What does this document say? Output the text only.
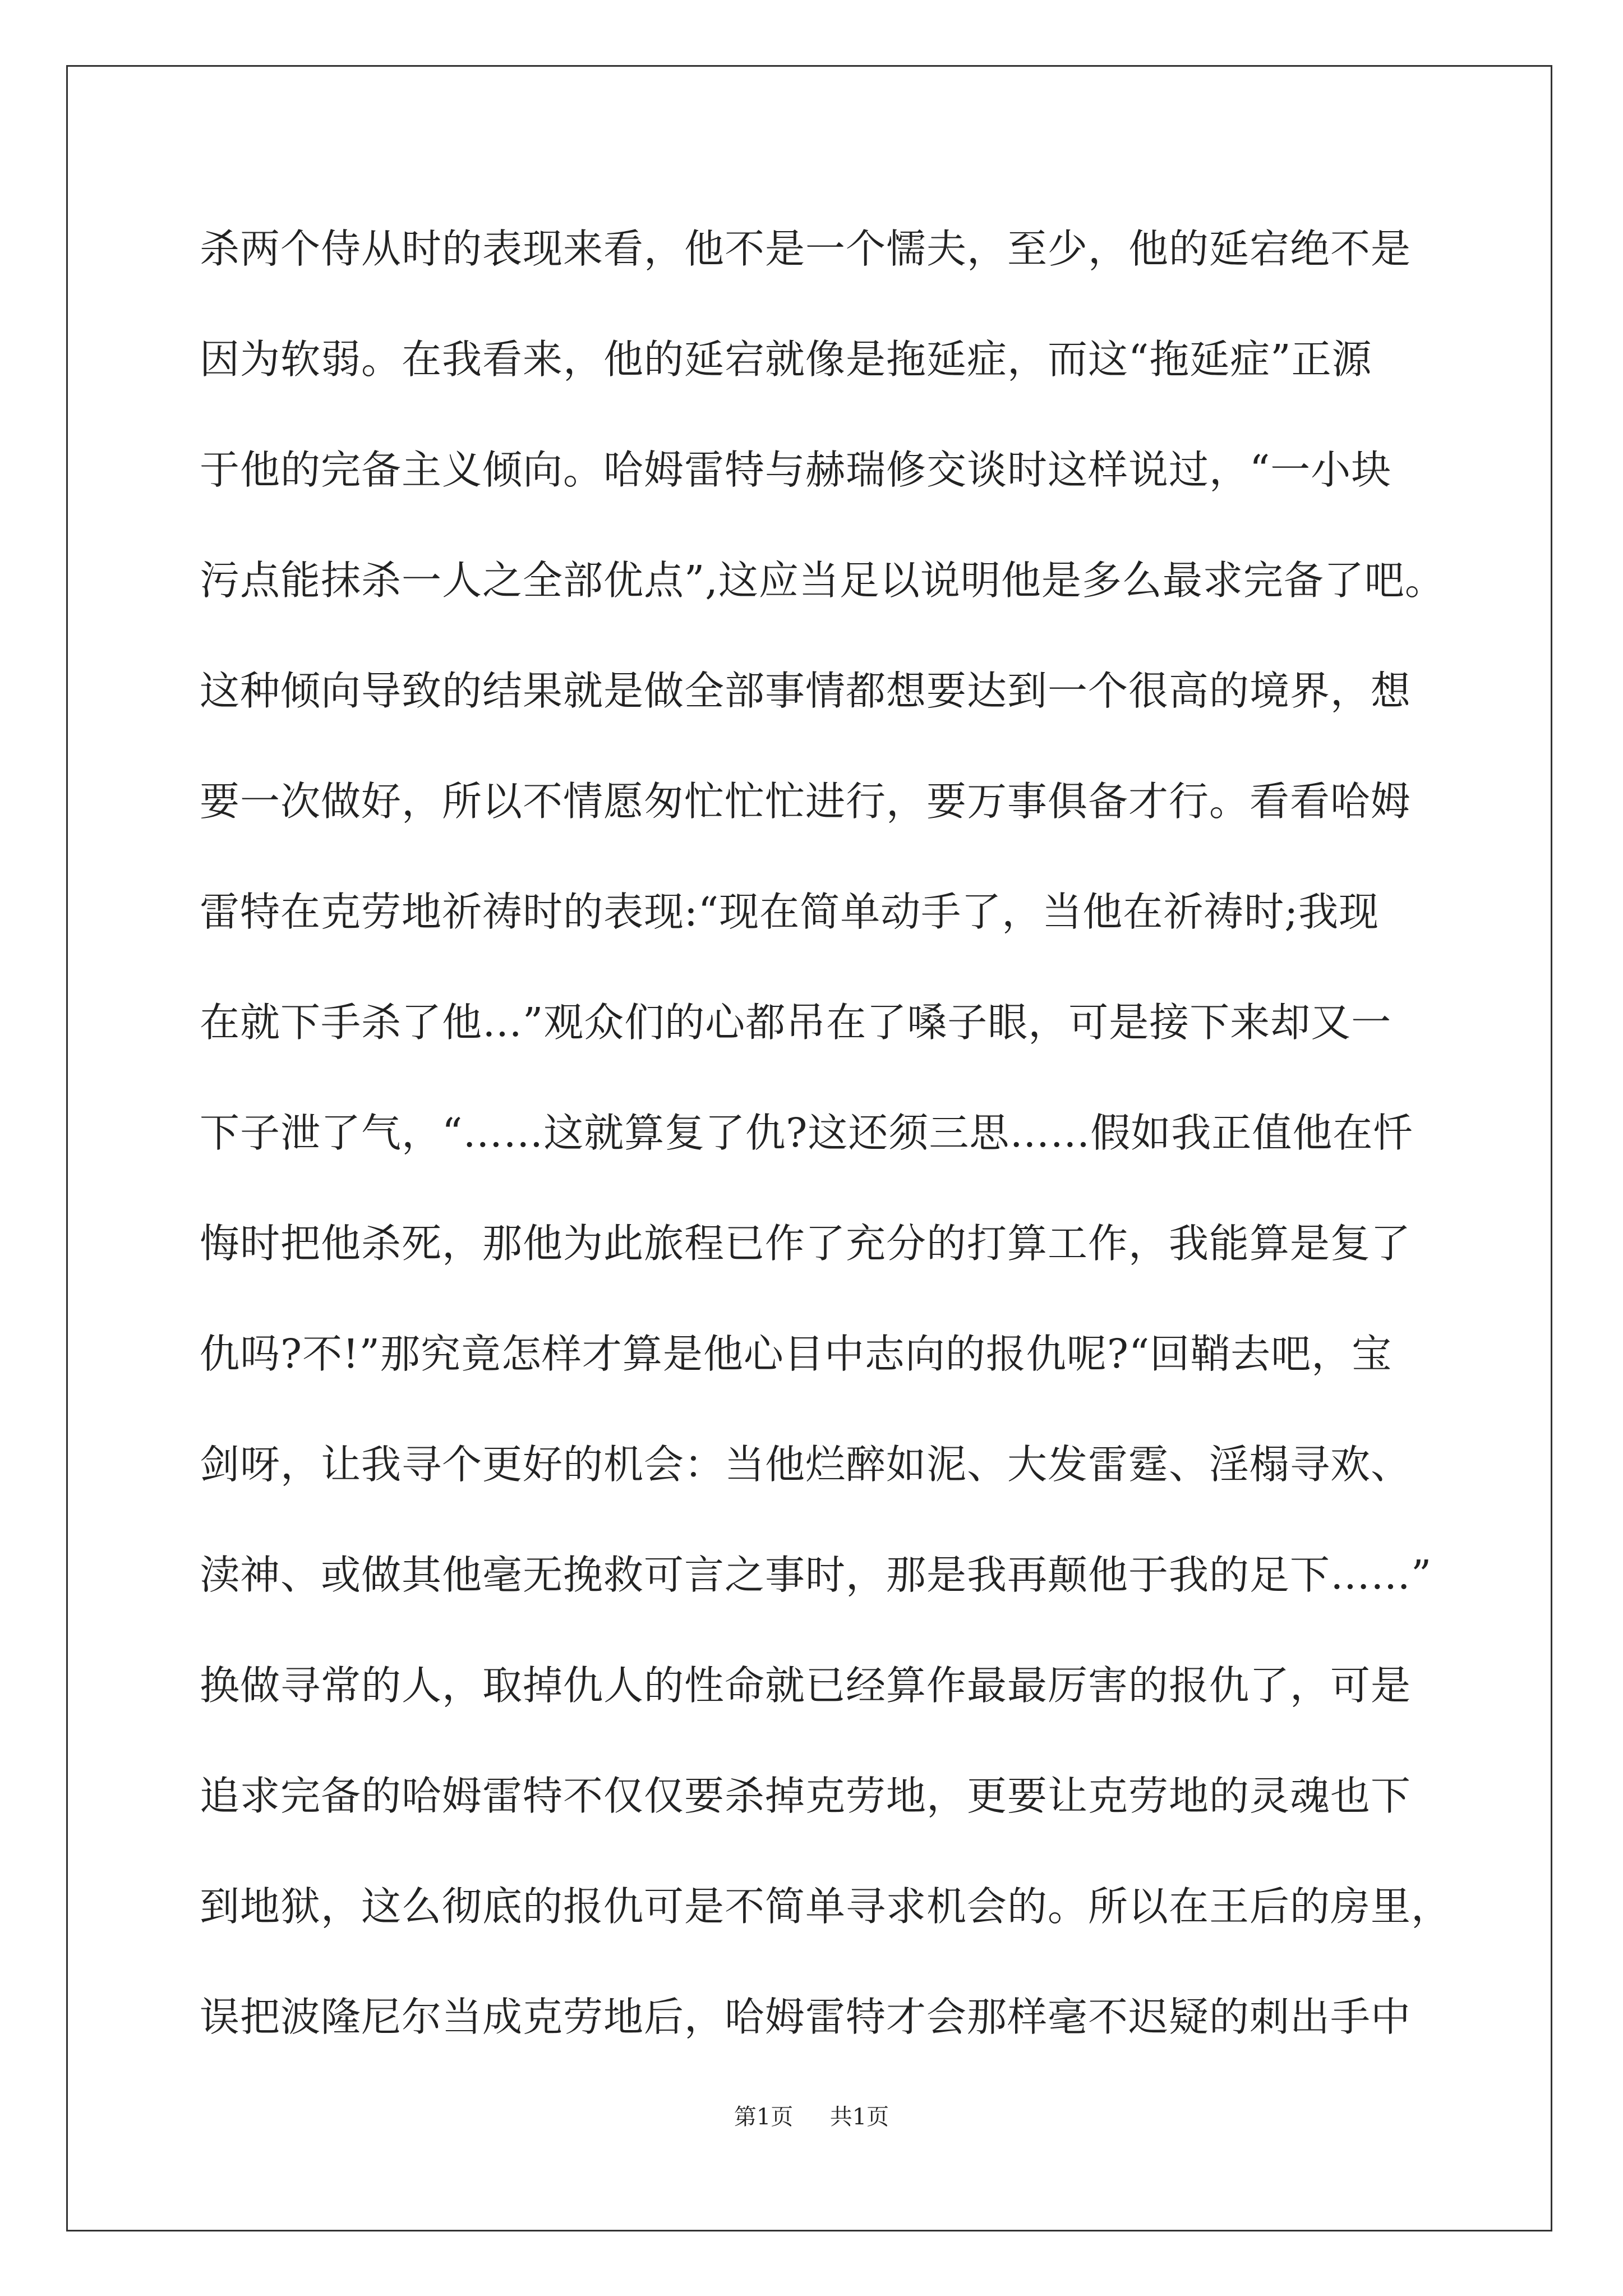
杀两个侍从时的表现来看，他不是一个懦夫，至少，他的延宕绝不是
因为软弱。在我看来，他的延宕就像是拖延症，而这“拖延症”正源
于他的完备主义倾向。哈姆雷特与赫瑞修交谈时这样说过，“一小块
污点能抹杀一人之全部优点”,这应当足以说明他是多么最求完备了吧。
这种倾向导致的结果就是做全部事情都想要达到一个很高的境界，想
要一次做好，所以不情愿匆忙忙忙进行，要万事俱备才行。看看哈姆
雷特在克劳地祈祷时的表现:“现在简单动手了，当他在祈祷时;我现
在就下手杀了他…”观众们的心都吊在了嗓子眼，可是接下来却又一
下子泄了气，“……这就算复了仇?这还须三思……假如我正值他在忏
悔时把他杀死，那他为此旅程已作了充分的打算工作，我能算是复了
仇吗?不!”那究竟怎样才算是他心目中志向的报仇呢?“回鞘去吧，宝
剑呀，让我寻个更好的机会：当他烂醉如泥、大发雷霆、淫榻寻欢、
渎神、或做其他毫无挽救可言之事时，那是我再颠他于我的足下……”
换做寻常的人，取掉仇人的性命就已经算作最最厉害的报仇了，可是
追求完备的哈姆雷特不仅仅要杀掉克劳地，更要让克劳地的灵魂也下
到地狱，这么彻底的报仇可是不简单寻求机会的。所以在王后的房里，
误把波隆尼尔当成克劳地后，哈姆雷特才会那样毫不迟疑的刺出手中
第1页 共1页
